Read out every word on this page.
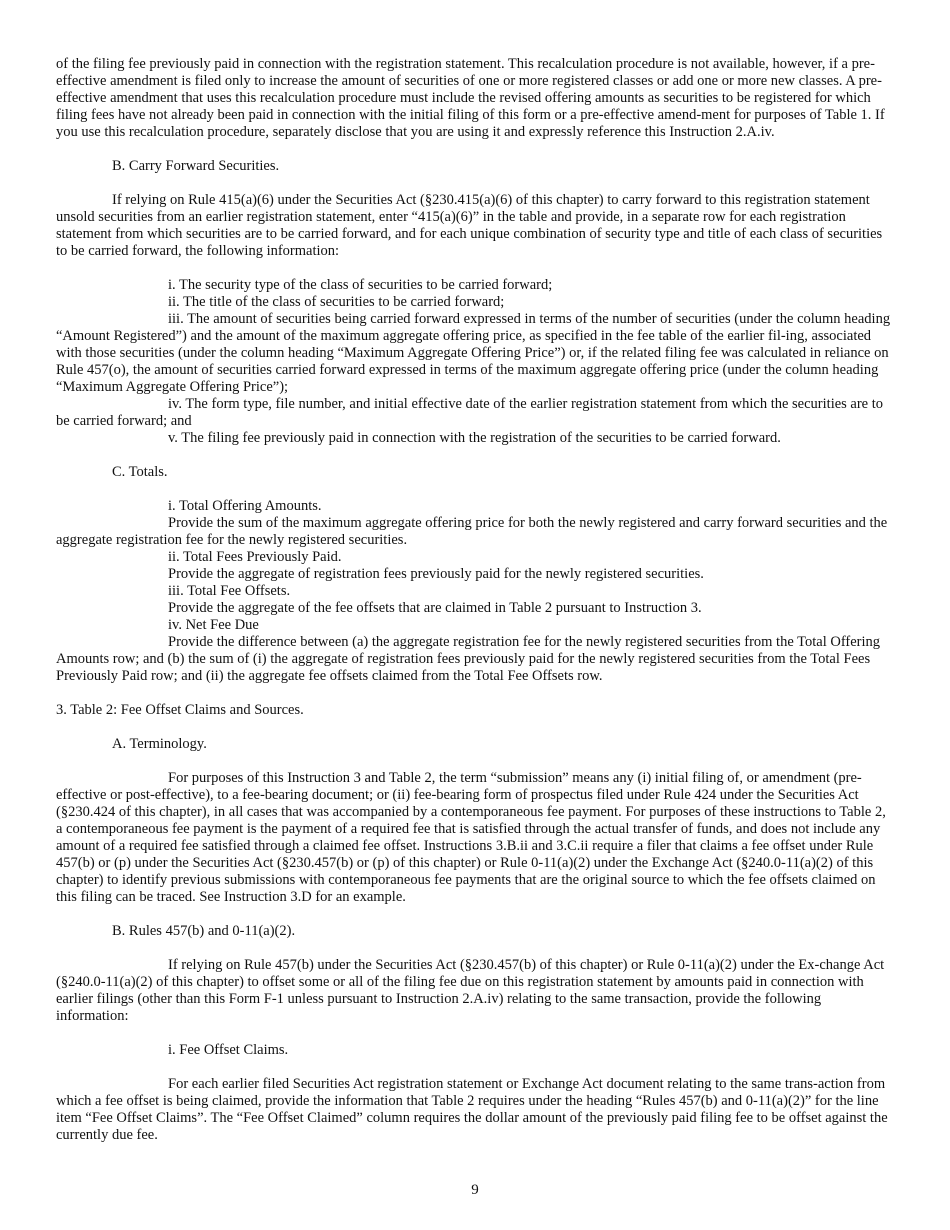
of the filing fee previously paid in connection with the registration statement. This recalculation procedure is not available, however, if a pre-effective amendment is filed only to increase the amount of securities of one or more registered classes or add one or more new classes. A pre-effective amendment that uses this recalculation procedure must include the revised offering amounts as securities to be registered for which filing fees have not already been paid in connection with the initial filing of this form or a pre-effective amend-ment for purposes of Table 1. If you use this recalculation procedure, separately disclose that you are using it and expressly reference this Instruction 2.A.iv.

B. Carry Forward Securities.

If relying on Rule 415(a)(6) under the Securities Act (§230.415(a)(6) of this chapter) to carry forward to this registration statement unsold securities from an earlier registration statement, enter “415(a)(6)” in the table and provide, in a separate row for each registration statement from which securities are to be carried forward, and for each unique combination of security type and title of each class of securities to be carried forward, the following information:

i. The security type of the class of securities to be carried forward;

ii. The title of the class of securities to be carried forward;

iii. The amount of securities being carried forward expressed in terms of the number of securities (under the column heading “Amount Registered”) and the amount of the maximum aggregate offering price, as specified in the fee table of the earlier fil-ing, associated with those securities (under the column heading “Maximum Aggregate Offering Price”) or, if the related filing fee was calculated in reliance on Rule 457(o), the amount of securities carried forward expressed in terms of the maximum aggregate offering price (under the column heading “Maximum Aggregate Offering Price”);

iv. The form type, file number, and initial effective date of the earlier registration statement from which the securities are to be carried forward; and

v. The filing fee previously paid in connection with the registration of the securities to be carried forward.

C. Totals.

i. Total Offering Amounts.

Provide the sum of the maximum aggregate offering price for both the newly registered and carry forward securities and the aggregate registration fee for the newly registered securities.

ii. Total Fees Previously Paid.

Provide the aggregate of registration fees previously paid for the newly registered securities.

iii. Total Fee Offsets.

Provide the aggregate of the fee offsets that are claimed in Table 2 pursuant to Instruction 3.

iv. Net Fee Due

Provide the difference between (a) the aggregate registration fee for the newly registered securities from the Total Offering Amounts row; and (b) the sum of (i) the aggregate of registration fees previously paid for the newly registered securities from the Total Fees Previously Paid row; and (ii) the aggregate fee offsets claimed from the Total Fee Offsets row.

3. Table 2: Fee Offset Claims and Sources.

A. Terminology.

For purposes of this Instruction 3 and Table 2, the term “submission” means any (i) initial filing of, or amendment (pre-effective or post-effective), to a fee-bearing document; or (ii) fee-bearing form of prospectus filed under Rule 424 under the Securities Act (§230.424 of this chapter), in all cases that was accompanied by a contemporaneous fee payment. For purposes of these instructions to Table 2, a contemporaneous fee payment is the payment of a required fee that is satisfied through the actual transfer of funds, and does not include any amount of a required fee satisfied through a claimed fee offset. Instructions 3.B.ii and 3.C.ii require a filer that claims a fee offset under Rule 457(b) or (p) under the Securities Act (§230.457(b) or (p) of this chapter) or Rule 0-11(a)(2) under the Exchange Act (§240.0-11(a)(2) of this chapter) to identify previous submissions with contemporaneous fee payments that are the original source to which the fee offsets claimed on this filing can be traced. See Instruction 3.D for an example.

B. Rules 457(b) and 0-11(a)(2).

If relying on Rule 457(b) under the Securities Act (§230.457(b) of this chapter) or Rule 0-11(a)(2) under the Ex-change Act (§240.0-11(a)(2) of this chapter) to offset some or all of the filing fee due on this registration statement by amounts paid in connection with earlier filings (other than this Form F-1 unless pursuant to Instruction 2.A.iv) relating to the same transaction, provide the following information:

i. Fee Offset Claims.

For each earlier filed Securities Act registration statement or Exchange Act document relating to the same trans-action from which a fee offset is being claimed, provide the information that Table 2 requires under the heading “Rules 457(b) and 0-11(a)(2)” for the line item “Fee Offset Claims”. The “Fee Offset Claimed” column requires the dollar amount of the previously paid filing fee to be offset against the currently due fee.

9
